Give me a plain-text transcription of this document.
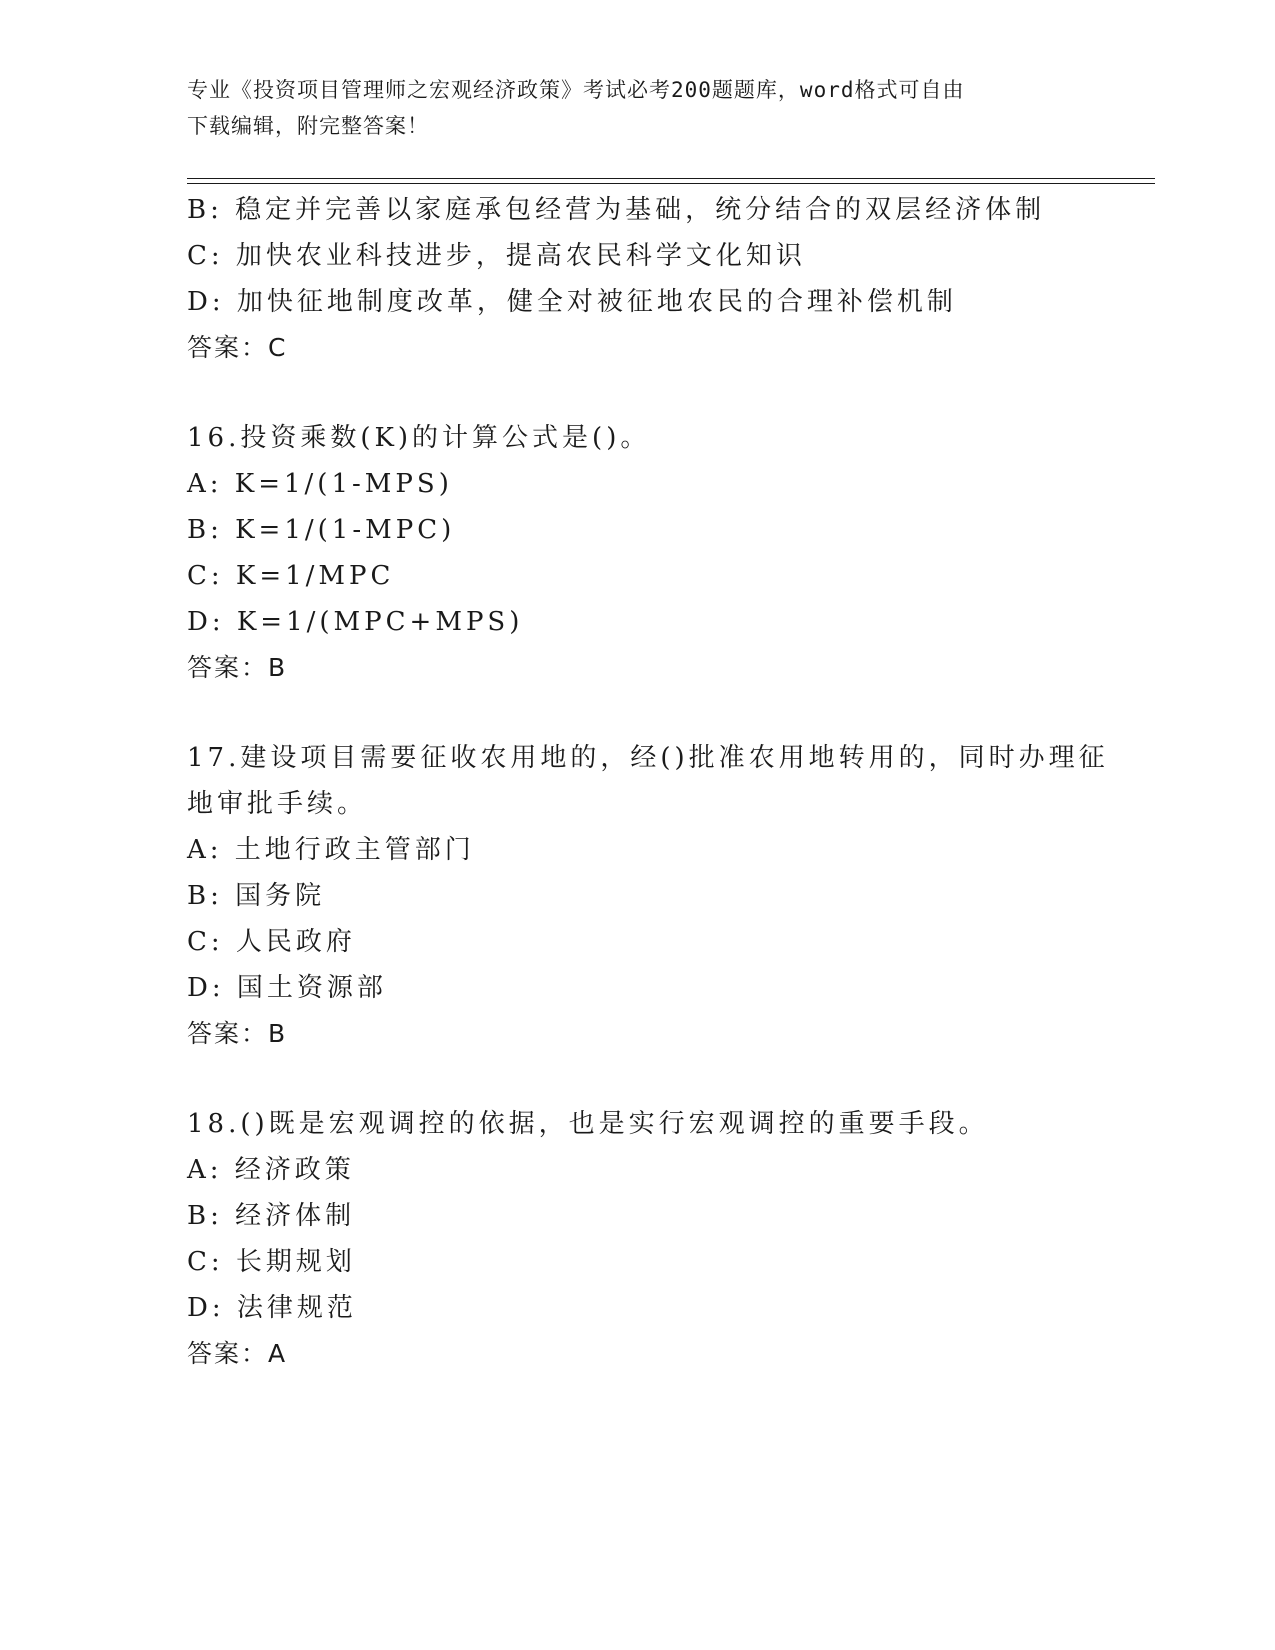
专业《投资项目管理师之宏观经济政策》考试必考200题题库，word格式可自由
下载编辑，附完整答案！
B: 稳定并完善以家庭承包经营为基础，统分结合的双层经济体制
C: 加快农业科技进步，提高农民科学文化知识
D: 加快征地制度改革，健全对被征地农民的合理补偿机制
答案：C
16.投资乘数(K)的计算公式是()。
A: K=1/(1-MPS)
B: K=1/(1-MPC)
C: K=1/MPC
D: K=1/(MPC+MPS)
答案：B
17.建设项目需要征收农用地的，经()批准农用地转用的，同时办理征
地审批手续。
A: 土地行政主管部门
B: 国务院
C: 人民政府
D: 国土资源部
答案：B
18.()既是宏观调控的依据，也是实行宏观调控的重要手段。
A: 经济政策
B: 经济体制
C: 长期规划
D: 法律规范
答案：A
